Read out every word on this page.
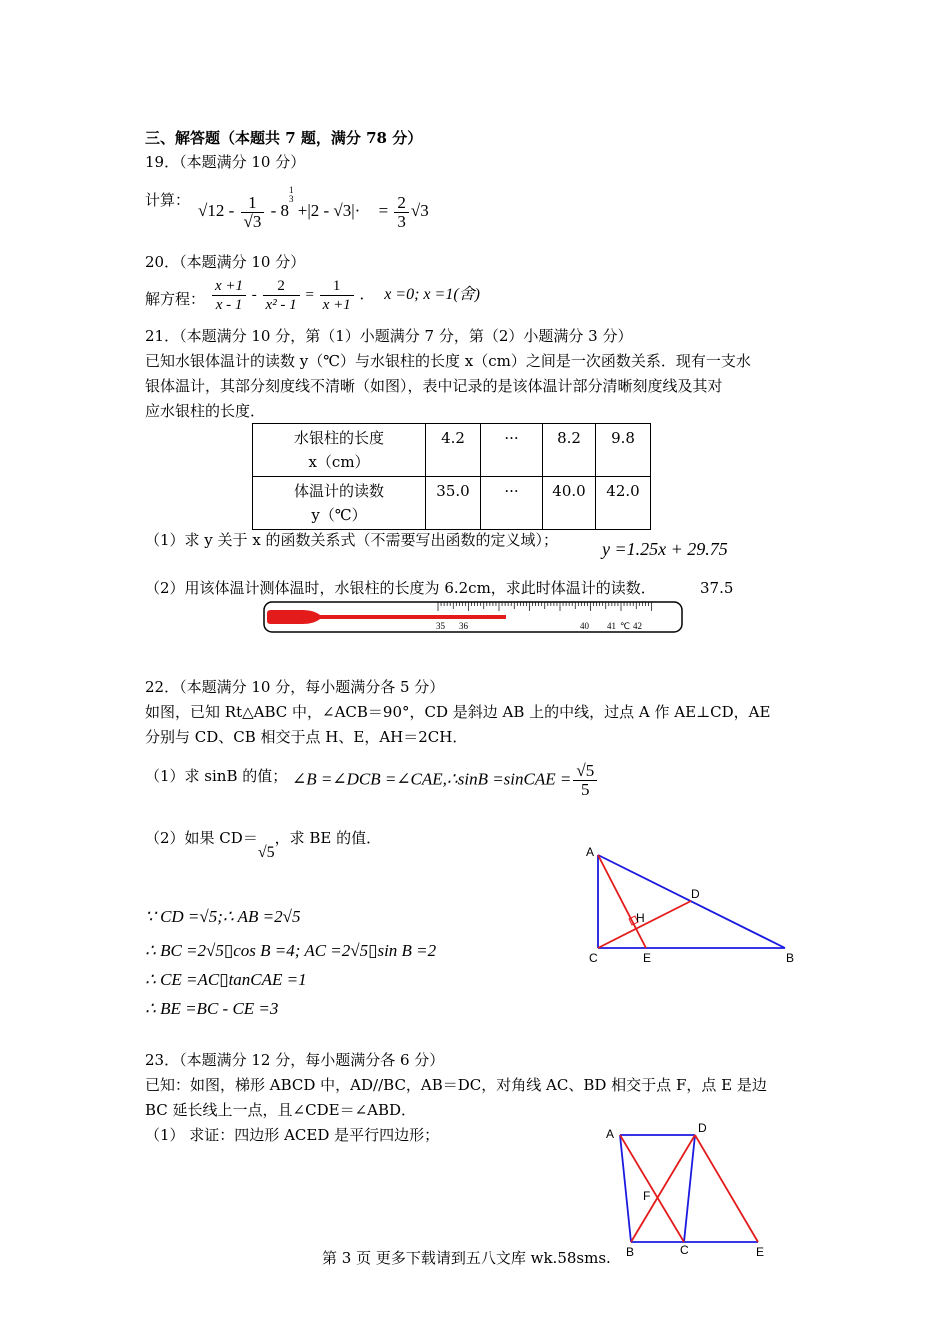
三、解答题（本题共 7 题，满分 78 分）
19．（本题满分 10 分）
计算：
$√12 - \frac{1}{√3} - 8$
1
3
$+|2 - √3|\cdot = \frac{2}{3} √3$
20．（本题满分 10 分）
解方程： $\frac{x +1}{x - 1} - \frac{2}{\text{x² - 1}} = \frac{1}{x +1}$ ． x =0; x =1(舍)
21．（本题满分 10 分，第（1）小题满分 7 分，第（2）小题满分 3 分）
已知水银体温计的读数 y（℃）与水银柱的长度 x（cm）之间是一次函数关系．现有一支水
银体温计，其部分刻度线不清晰（如图），表中记录的是该体温计部分清晰刻度线及其对
应水银柱的长度．
水银柱的长度
x（cm）	4.2	···	8.2	9.8
体温计的读数
y（℃）	35.0	···	40.0	42.0
（1）求 y 关于 x 的函数关系式（不需要写出函数的定义域）； y =1.25x + 29.75
（2）用该体温计测体温时，水银柱的长度为 6.2cm，求此时体温计的读数．	37.5
35 36	40 41 ℃ 42
22．（本题满分 10 分，每小题满分各 5 分）
如图，已知 Rt△ABC 中，∠ACB＝90°，CD 是斜边 AB 上的中线，过点 A 作 AE⊥CD，AE
分别与 CD、CB 相交于点 H、E，AH＝2CH．
（1）求 sinB 的值； ∠B =∠DCB =∠CAE,∴sinB =sinCAE = $\frac{√5}{5}$
（2）如果 CD＝√5，求 BE 的值．
∵ CD =√5;∴ AB =2√5
∴ BC =2√5▯cos B =4; AC =2√5▯sin B =2
∴ CE =AC▯tanCAE =1
∴ BE =BC - CE =3
A
D
H
C	E	B
23．（本题满分 12 分，每小题满分各 6 分）
已知：如图，梯形 ABCD 中，AD//BC，AB＝DC，对角线 AC、BD 相交于点 F，点 E 是边
BC 延长线上一点，且∠CDE＝∠ABD．
（1） 求证：四边形 ACED 是平行四边形；	A	D
F
B	C	E
第 3 页 更多下载请到五八文库 wk.58sms.
